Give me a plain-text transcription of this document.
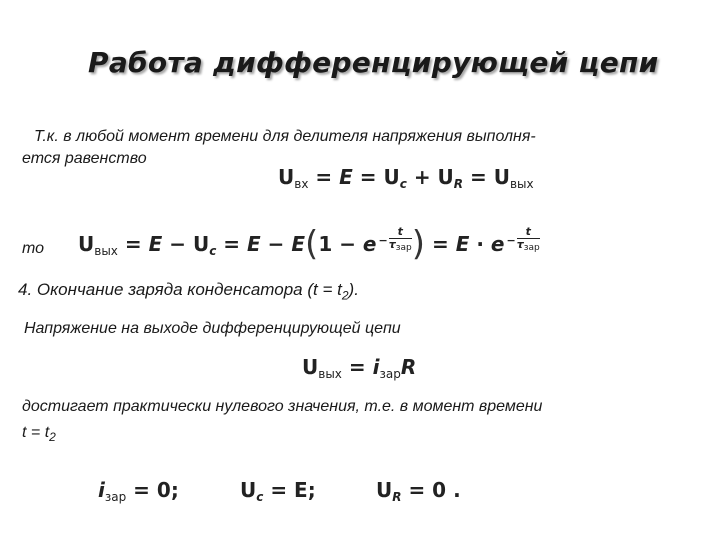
Работа дифференцирующей цепи
Т.к. в любой момент времени для делителя напряжения выполня-
ется равенство
$U_{вх} = E = U_c + U_R = U_{вых}$
то $U_{вых} = E - U_c = E - E(1 - e - \frac{t}{\tau_{зар}}$ ) = $E \cdot e - \frac{t}{\tau_{зар}}$
4. Окончание заряда конденсатора $(t = t_2)$.
Напряжение на выходе дифференцирующей цепи
$U_{вых} = i_{зар}R$
достигает практически нулевого значения, т.е. в момент времени
$t = t_2$
$i_{зар} = 0$;	$U_c = E$;	$U_R = 0$ .
